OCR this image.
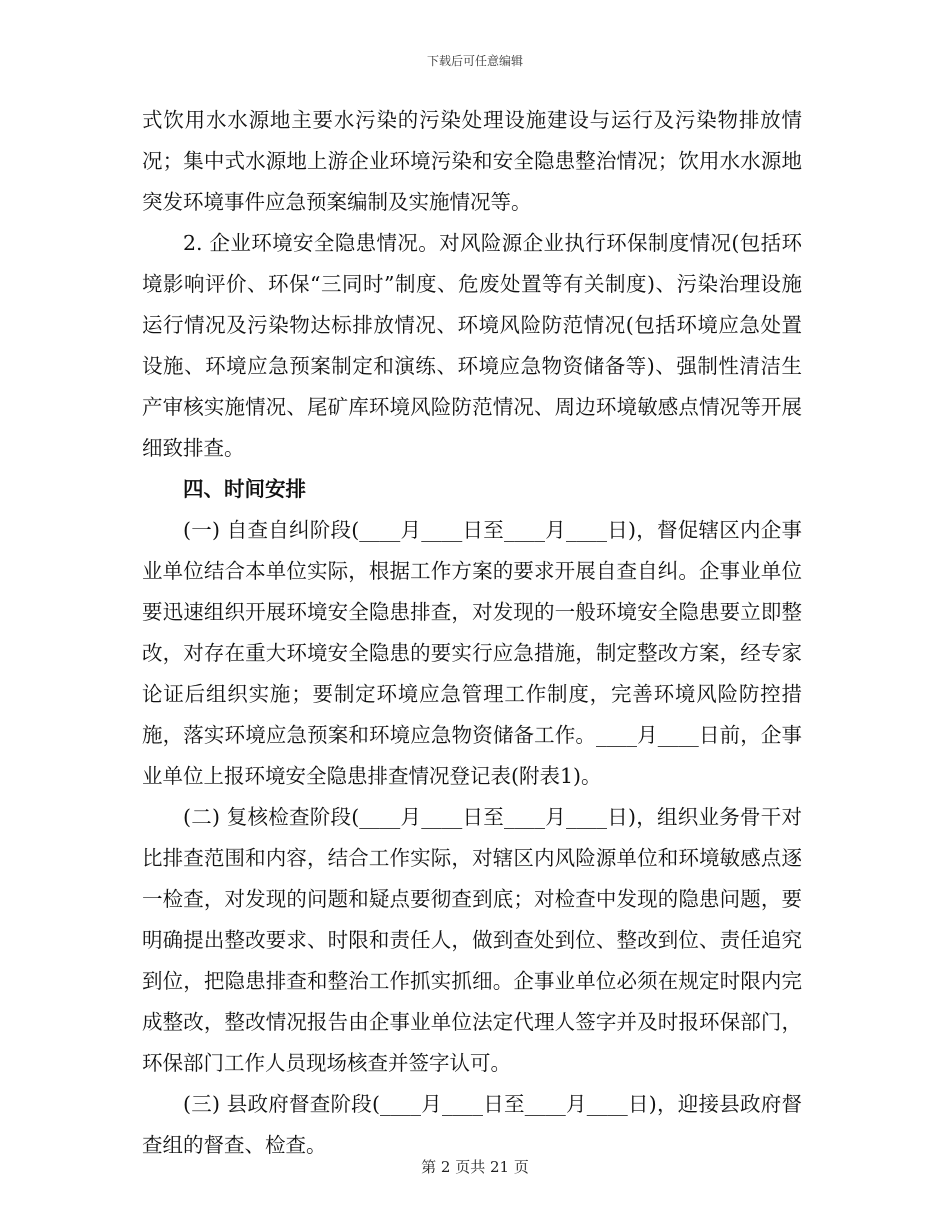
下载后可任意编辑

式饮用水水源地主要水污染的污染处理设施建设与运行及污染物排放情况；集中式水源地上游企业环境污染和安全隐患整治情况；饮用水水源地突发环境事件应急预案编制及实施情况等。

2. 企业环境安全隐患情况。对风险源企业执行环保制度情况(包括环境影响评价、环保“三同时”制度、危废处置等有关制度)、污染治理设施运行情况及污染物达标排放情况、环境风险防范情况(包括环境应急处置设施、环境应急预案制定和演练、环境应急物资储备等)、强制性清洁生产审核实施情况、尾矿库环境风险防范情况、周边环境敏感点情况等开展细致排查。

四、时间安排

(一) 自查自纠阶段(____月____日至____月____日)，督促辖区内企事业单位结合本单位实际，根据工作方案的要求开展自查自纠。企事业单位要迅速组织开展环境安全隐患排查，对发现的一般环境安全隐患要立即整改，对存在重大环境安全隐患的要实行应急措施，制定整改方案，经专家论证后组织实施；要制定环境应急管理工作制度，完善环境风险防控措施，落实环境应急预案和环境应急物资储备工作。____月____日前，企事业单位上报环境安全隐患排查情况登记表(附表1)。

(二) 复核检查阶段(____月____日至____月____日)，组织业务骨干对比排查范围和内容，结合工作实际，对辖区内风险源单位和环境敏感点逐一检查，对发现的问题和疑点要彻查到底；对检查中发现的隐患问题，要明确提出整改要求、时限和责任人，做到查处到位、整改到位、责任追究到位，把隐患排查和整治工作抓实抓细。企事业单位必须在规定时限内完成整改，整改情况报告由企事业单位法定代理人签字并及时报环保部门，环保部门工作人员现场核查并签字认可。

(三) 县政府督查阶段(____月____日至____月____日)，迎接县政府督查组的督查、检查。

第 2 页共 21 页
